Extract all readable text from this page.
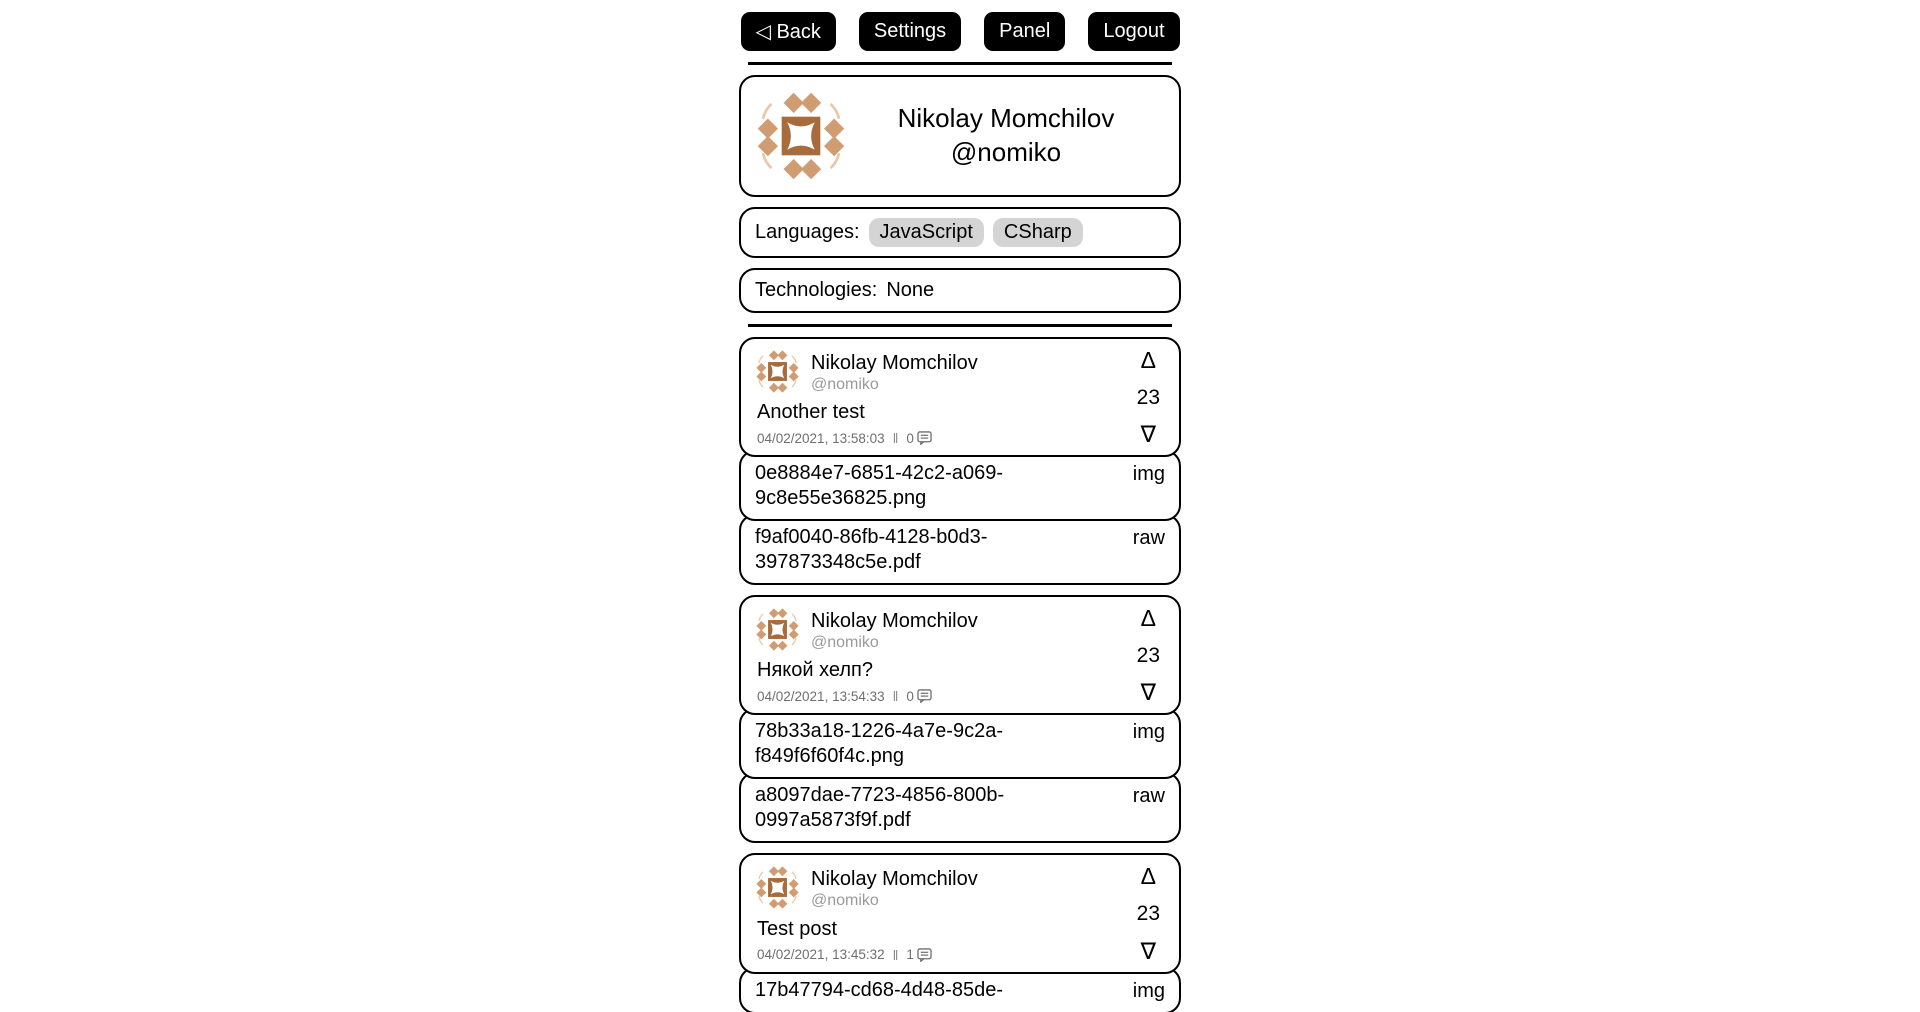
◁ Back	Settings	Panel	Logout
Nikolay Momchilov
@nomiko
Languages:	JavaScript	CSharp
Technologies: None
Nikolay Momchilov
@nomiko
Another test
04/02/2021, 13:58:03 ‖ 0
Δ
23
∇
0e8884e7-6851-42c2-a069-9c8e55e36825.png
img
f9af0040-86fb-4128-b0d3-397873348c5e.pdf
raw
Nikolay Momchilov
@nomiko
Някой хелп?
04/02/2021, 13:54:33 ‖ 0
Δ
23
∇
78b33a18-1226-4a7e-9c2a-f849f6f60f4c.png
img
a8097dae-7723-4856-800b-0997a5873f9f.pdf
raw
Nikolay Momchilov
@nomiko
Test post
04/02/2021, 13:45:32 ‖ 1
Δ
23
∇
17b47794-cd68-4d48-85de-	img
